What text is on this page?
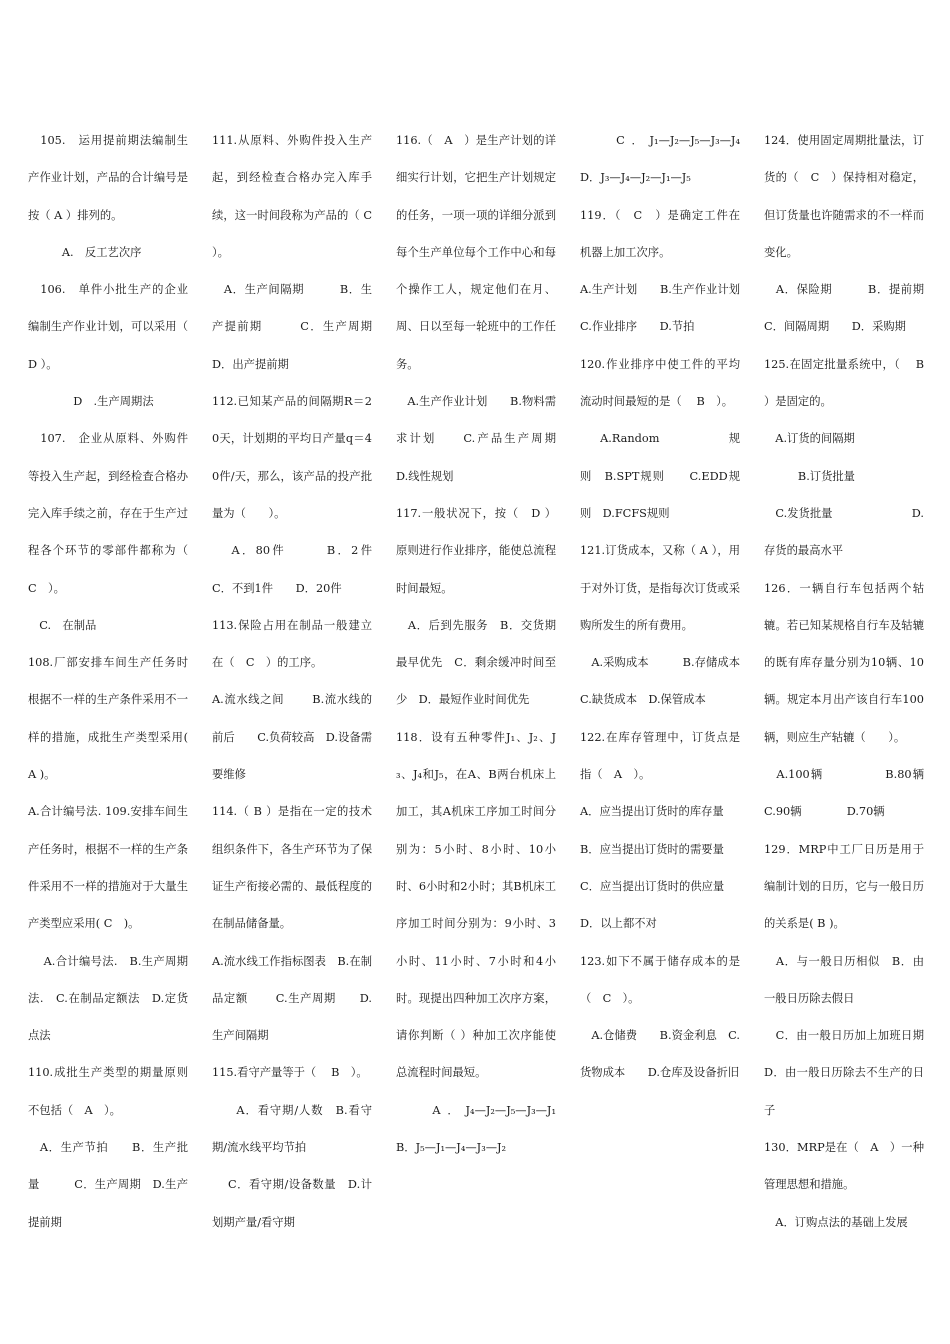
　105.　运用提前期法编制生产作业计划，产品的合计编号是按（ A ）排列的。

　　　A.　反工艺次序

　106.　单件小批生产的企业编制生产作业计划，可以采用（ D ）。

　　　　D　.生产周期法

　107.　企业从原料、外购件等投入生产起，到经检查合格办完入库手续之前，存在于生产过程各个环节的零部件都称为（　 C　）。

　C.　在制品

108.厂部安排车间生产任务时根据不一样的生产条件采用不一样的措施，成批生产类型采用( A )。

A.合计编号法. 109.安排车间生产任务时，根据不一样的生产条件采用不一样的措施对于大量生产类型应采用( C　)。

　 A.合计编号法.　B.生产周期法.　C.在制品定额法　D.定货点法

110.成批生产类型的期量原则不包括（　A　）。

　A．生产节拍　　B．生产批量　　　C．生产周期　D.生产提前期

111.从原料、外购件投入生产起，到经检查合格办完入库手续，这一时间段称为产品的（ C ）。

　A．生产间隔期　　　B．生产提前期　　　C．生产周期　　D．出产提前期

112.已知某产品的间隔期R＝20天，计划期的平均日产量q＝40件/天，那么，该产品的投产批量为（　　）。

　 A．80件　　　B．2件　C．不到1件　　D．20件

113.保险占用在制品一般建立在（　C　）的工序。

A.流水线之间　　 B.流水线的前后　　C.负荷较高　D.设备需要维修

114.（ B ）是指在一定的技术组织条件下，各生产环节为了保证生产衔接必需的、最低程度的在制品储备量。

A.流水线工作指标图表　B.在制品定额　　 C.生产周期　　D.生产间隔期

115.看守产量等于（　 B　）。

　　A．看守期/人数　B.看守期/流水线平均节拍

　 C．看守期/设备数量　D.计划期产量/看守期

116.（　A　）是生产计划的详细实行计划，它把生产计划规定的任务，一项一项的详细分派到每个生产单位每个工作中心和每个操作工人，规定他们在月、周、日以至每一轮班中的工作任务。

　A.生产作业计划　　B.物料需求计划　　C.产品生产周期　　D.线性规划

117.一般状况下，按（　D ）原则进行作业排序，能使总流程时间最短。

　A．后到先服务　B．交货期最早优先　C．剩余缓冲时间至少　D．最短作业时间优先

118．设有五种零件J₁、J₂、J₃、J₄和J₅，在A、B两台机床上加工，其A机床工序加工时间分别为：5小时、8小时、10小时、6小时和2小时；其B机床工序加工时间分别为：9小时、3小时、11小时、7小时和4小时。现提出四种加工次序方案，请你判断（ ）种加工次序能使总流程时间最短。

　　A．J₄—J₂—J₅—J₃—J₁　B．J₅—J₁—J₄—J₃—J₂

　　C．J₁—J₂—J₅—J₃—J₄　D．J₃—J₄—J₂—J₁—J₅

119．（　C　）是确定工件在机器上加工次序。

A.生产计划　　B.生产作业计划　　C.作业排序　　D.节拍

120.作业排序中使工件的平均流动时间最短的是（　 B　）。

　A.Random　　　规　　　则　B.SPT规则　　C.EDD规则　D.FCFS规则

121.订货成本，又称（ A ），用于对外订货，是指每次订货或采购所发生的所有费用。

　A.采购成本　　　B.存储成本　　　C.缺货成本　D.保管成本

122.在库存管理中，订货点是指（　A　）。

A．应当提出订货时的库存量

B．应当提出订货时的需要量

C．应当提出订货时的供应量

D．以上都不对

123.如下不属于储存成本的是（　C　）。

　A.仓储费　　B.资金利息　C.货物成本　　D.仓库及设备折旧

124．使用固定周期批量法，订货的（　C　）保持相对稳定，但订货量也许随需求的不一样而变化。

　A．保险期　　　B．提前期　C．间隔周期　　D．采购期

125.在固定批量系统中，（　 B　　）是固定的。

　A.订货的间隔期

　　　B.订货批量

　C.发货批量　　　　　　　D.存货的最高水平

126．一辆自行车包括两个轱辘。若已知某规格自行车及轱辘的既有库存量分别为10辆、10辆。规定本月出产该自行车100辆，则应生产轱辘（　　）。

　A.100辆　　　　　B.80辆　C.90辆　　　　D.70辆

129．MRP中工厂日历是用于编制计划的日历，它与一般日历的关系是( B )。

　A．与一般日历相似　B．由一般日历除去假日

　C．由一般日历加上加班日期　　D．由一般日历除去不生产的日子

130．MRP是在（　A　）一种管理思想和措施。

　A．订购点法的基础上发展
